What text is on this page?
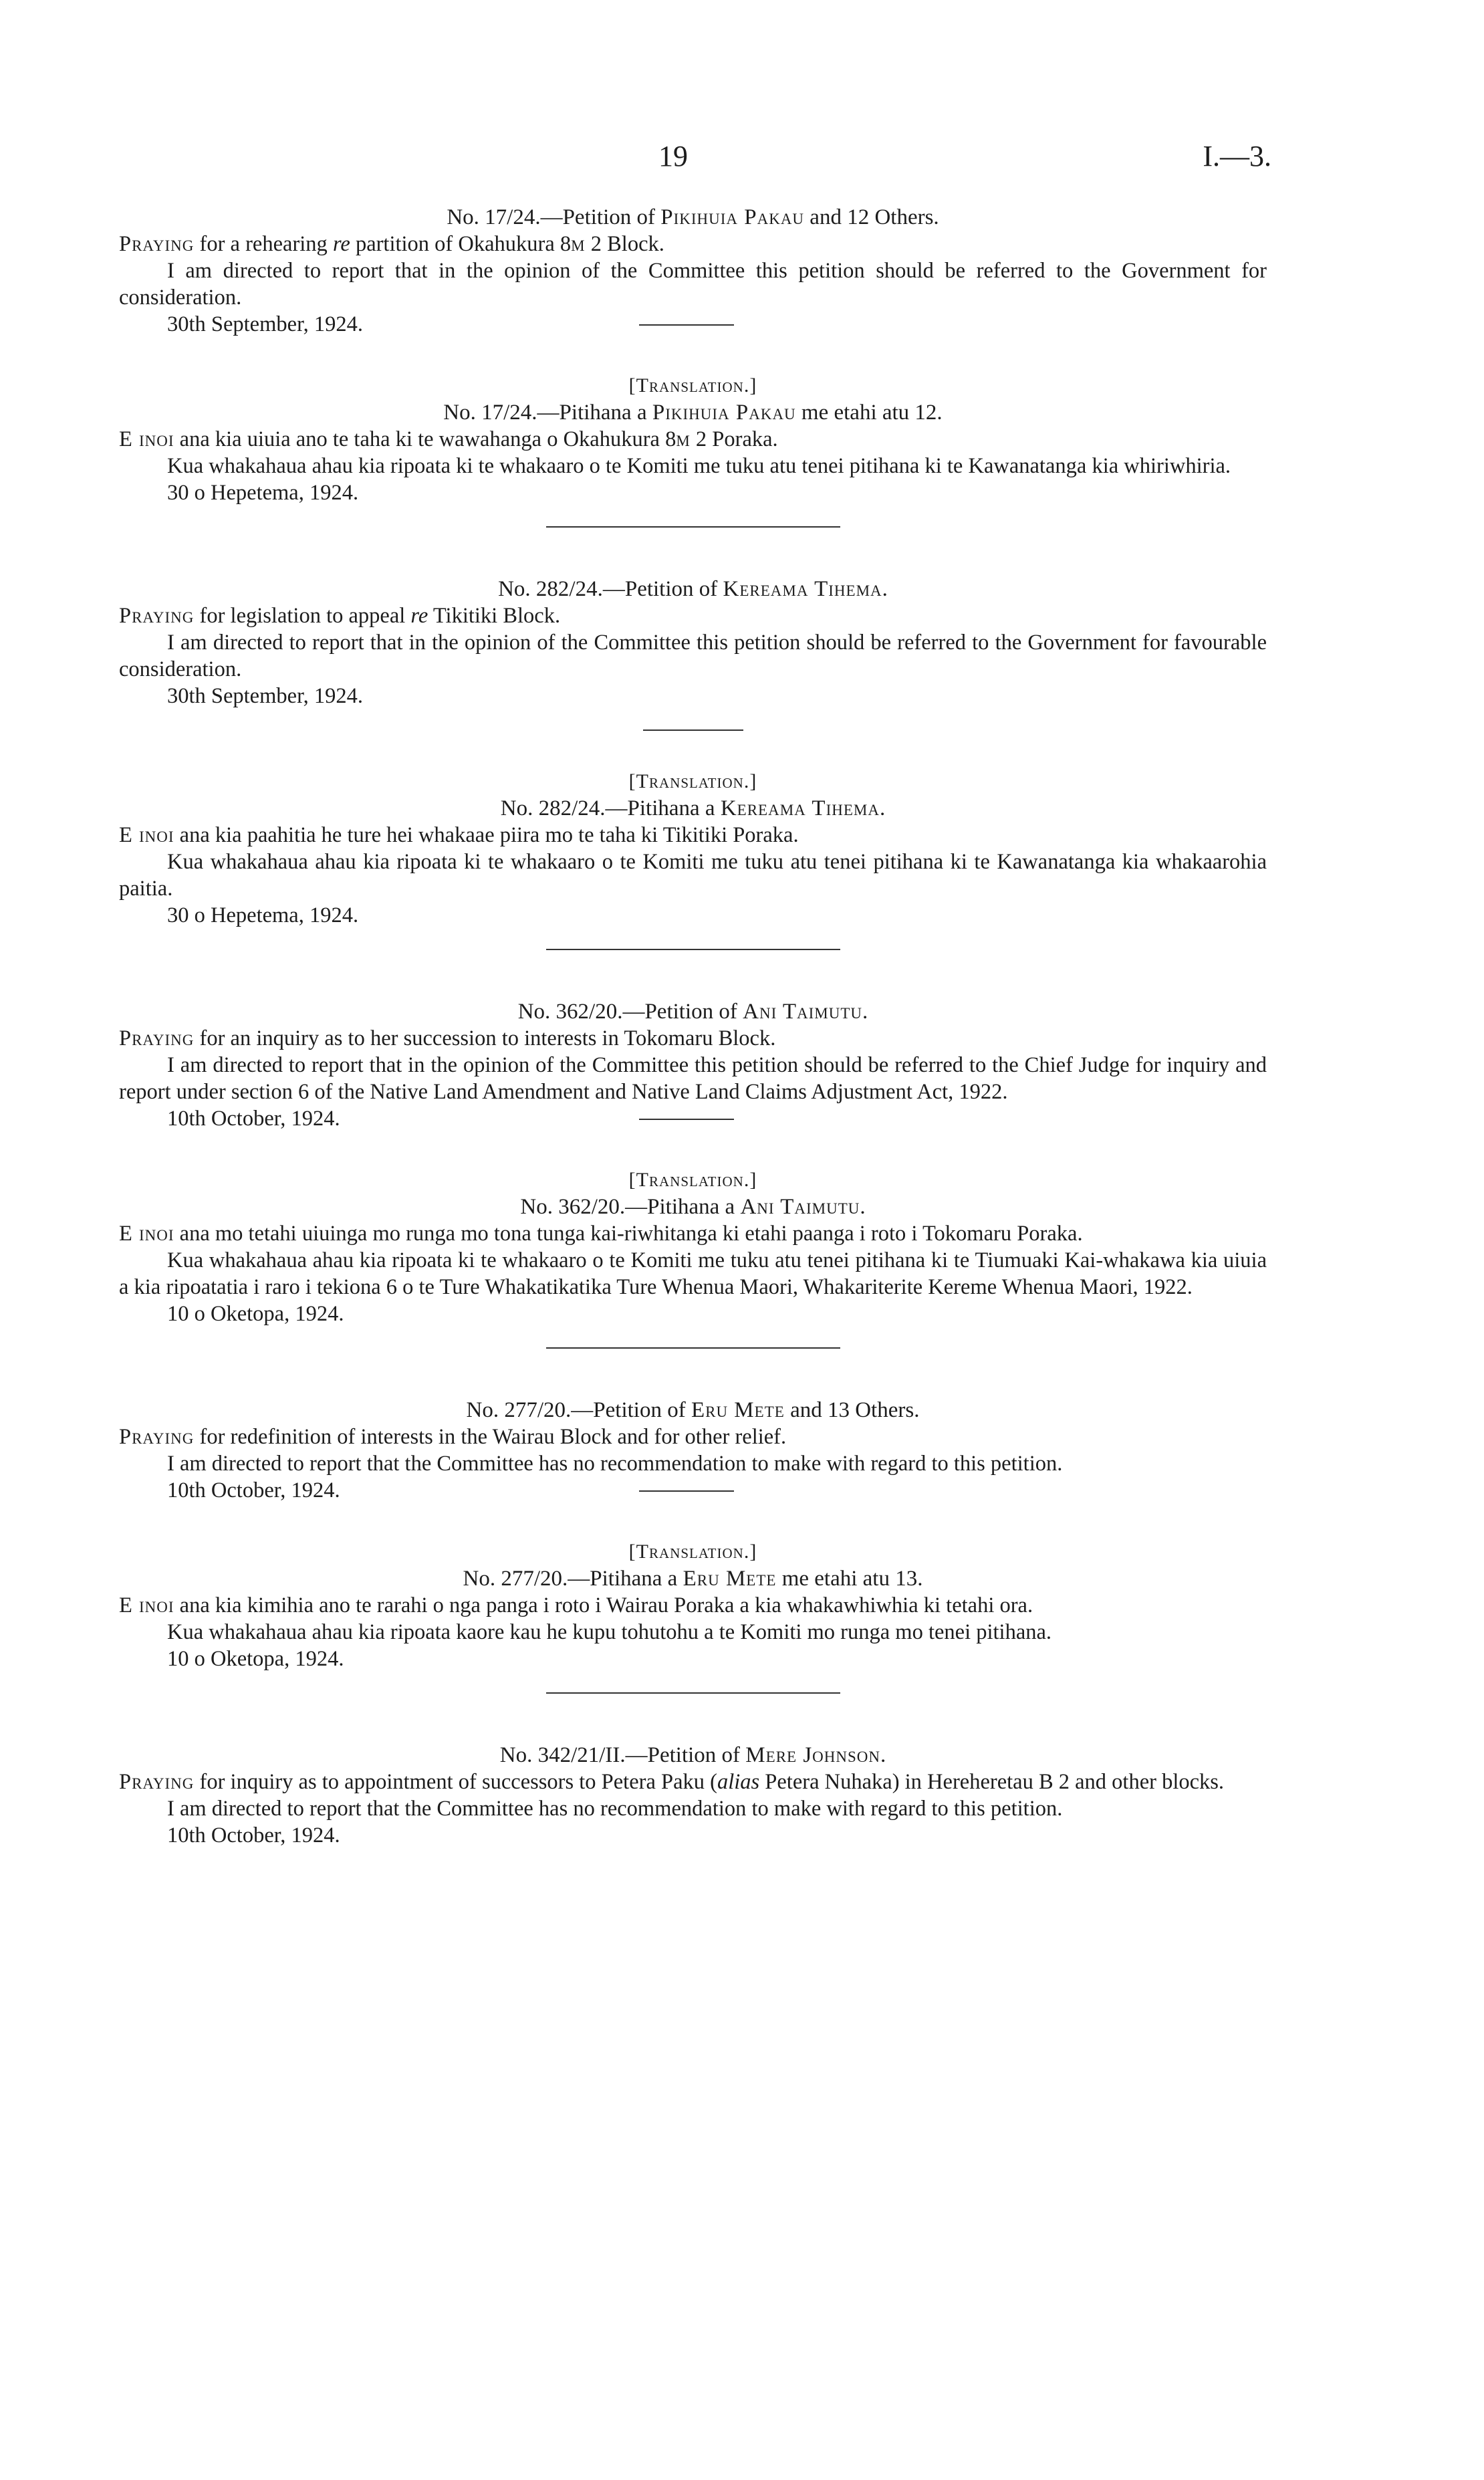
19	I.—3.

No. 17/24.—Petition of Pikihuia Pakau and 12 Others.

Praying for a rehearing re partition of Okahukura 8m 2 Block.

I am directed to report that in the opinion of the Committee this petition should be referred to the Government for consideration.

30th September, 1924.

[Translation.]

No. 17/24.—Pitihana a Pikihuia Pakau me etahi atu 12.

E inoi ana kia uiuia ano te taha ki te wawahanga o Okahukura 8m 2 Poraka.

Kua whakahaua ahau kia ripoata ki te whakaaro o te Komiti me tuku atu tenei pitihana ki te Kawanatanga kia whiriwhiria.

30 o Hepetema, 1924.

No. 282/24.—Petition of Kereama Tihema.

Praying for legislation to appeal re Tikitiki Block.

I am directed to report that in the opinion of the Committee this petition should be referred to the Government for favourable consideration.

30th September, 1924.

[Translation.]

No. 282/24.—Pitihana a Kereama Tihema.

E inoi ana kia paahitia he ture hei whakaae piira mo te taha ki Tikitiki Poraka.

Kua whakahaua ahau kia ripoata ki te whakaaro o te Komiti me tuku atu tenei pitihana ki te Kawanatanga kia whakaarohia paitia.

30 o Hepetema, 1924.

No. 362/20.—Petition of Ani Taimutu.

Praying for an inquiry as to her succession to interests in Tokomaru Block.

I am directed to report that in the opinion of the Committee this petition should be referred to the Chief Judge for inquiry and report under section 6 of the Native Land Amendment and Native Land Claims Adjustment Act, 1922.

10th October, 1924.

[Translation.]

No. 362/20.—Pitihana a Ani Taimutu.

E inoi ana mo tetahi uiuinga mo runga mo tona tunga kai-riwhitanga ki etahi paanga i roto i Tokomaru Poraka.

Kua whakahaua ahau kia ripoata ki te whakaaro o te Komiti me tuku atu tenei pitihana ki te Tiumuaki Kai-whakawa kia uiuia a kia ripoatatia i raro i tekiona 6 o te Ture Whakatikatika Ture Whenua Maori, Whakariterite Kereme Whenua Maori, 1922.

10 o Oketopa, 1924.

No. 277/20.—Petition of Eru Mete and 13 Others.

Praying for redefinition of interests in the Wairau Block and for other relief.

I am directed to report that the Committee has no recommendation to make with regard to this petition.

10th October, 1924.

[Translation.]

No. 277/20.—Pitihana a Eru Mete me etahi atu 13.

E inoi ana kia kimihia ano te rarahi o nga panga i roto i Wairau Poraka a kia whakawhiwhia ki tetahi ora.

Kua whakahaua ahau kia ripoata kaore kau he kupu tohutohu a te Komiti mo runga mo tenei pitihana.

10 o Oketopa, 1924.

No. 342/21/II.—Petition of Mere Johnson.

Praying for inquiry as to appointment of successors to Petera Paku (alias Petera Nuhaka) in Hereheretau B 2 and other blocks.

I am directed to report that the Committee has no recommendation to make with regard to this petition.

10th October, 1924.
